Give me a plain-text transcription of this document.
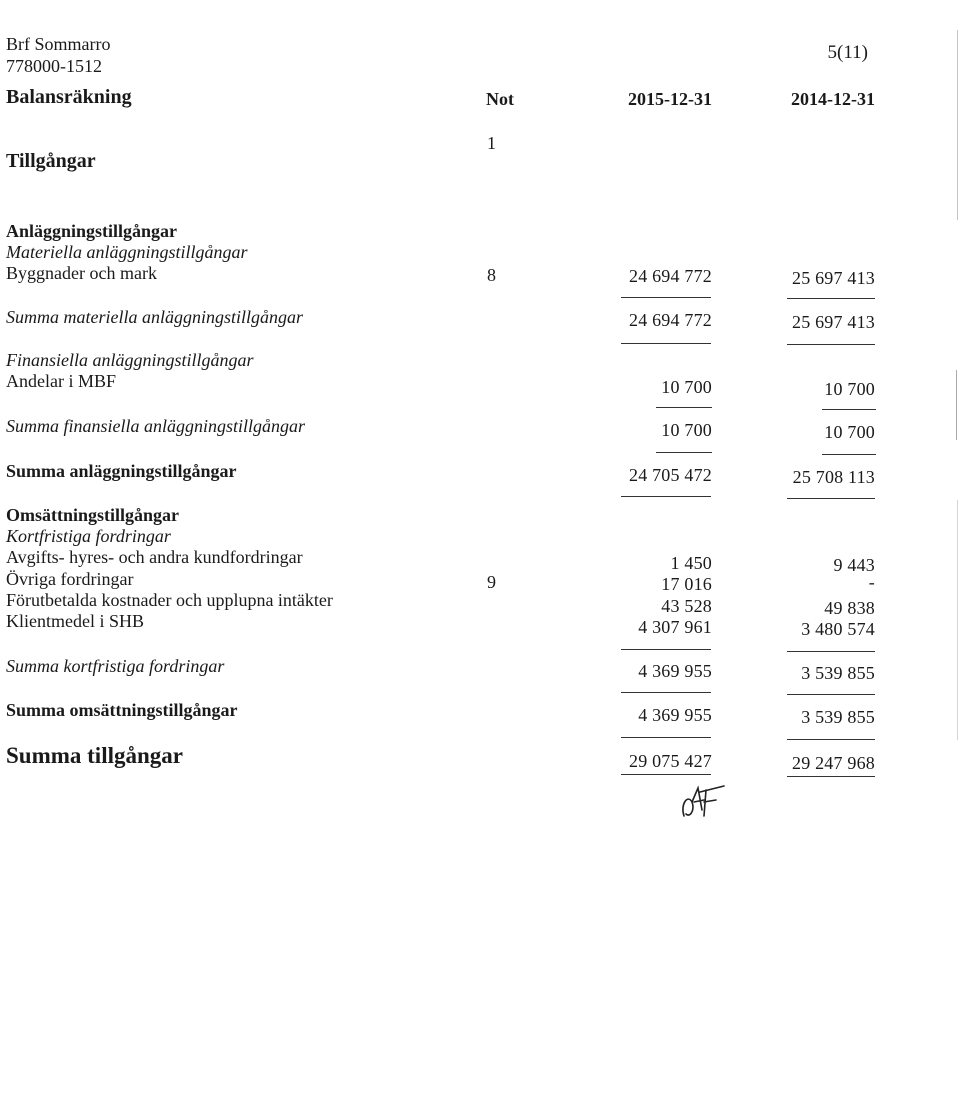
Brf Sommarro
778000-1512
5(11)
Balansräkning	Not	2015-12-31	2014-12-31
1
Tillgångar
Anläggningstillgångar
Materiella anläggningstillgångar
Byggnader och mark	8	24 694 772	25 697 413
Summa materiella anläggningstillgångar	24 694 772	25 697 413
Finansiella anläggningstillgångar
Andelar i MBF	10 700	10 700
Summa finansiella anläggningstillgångar	10 700	10 700
Summa anläggningstillgångar	24 705 472	25 708 113
Omsättningstillgångar
Kortfristiga fordringar
Avgifts- hyres- och andra kundfordringar	1 450	9 443
Övriga fordringar	9	17 016	-
Förutbetalda kostnader och upplupna intäkter	43 528	49 838
Klientmedel i SHB	4 307 961	3 480 574
Summa kortfristiga fordringar	4 369 955	3 539 855
Summa omsättningstillgångar	4 369 955	3 539 855
Summa tillgångar	29 075 427	29 247 968
